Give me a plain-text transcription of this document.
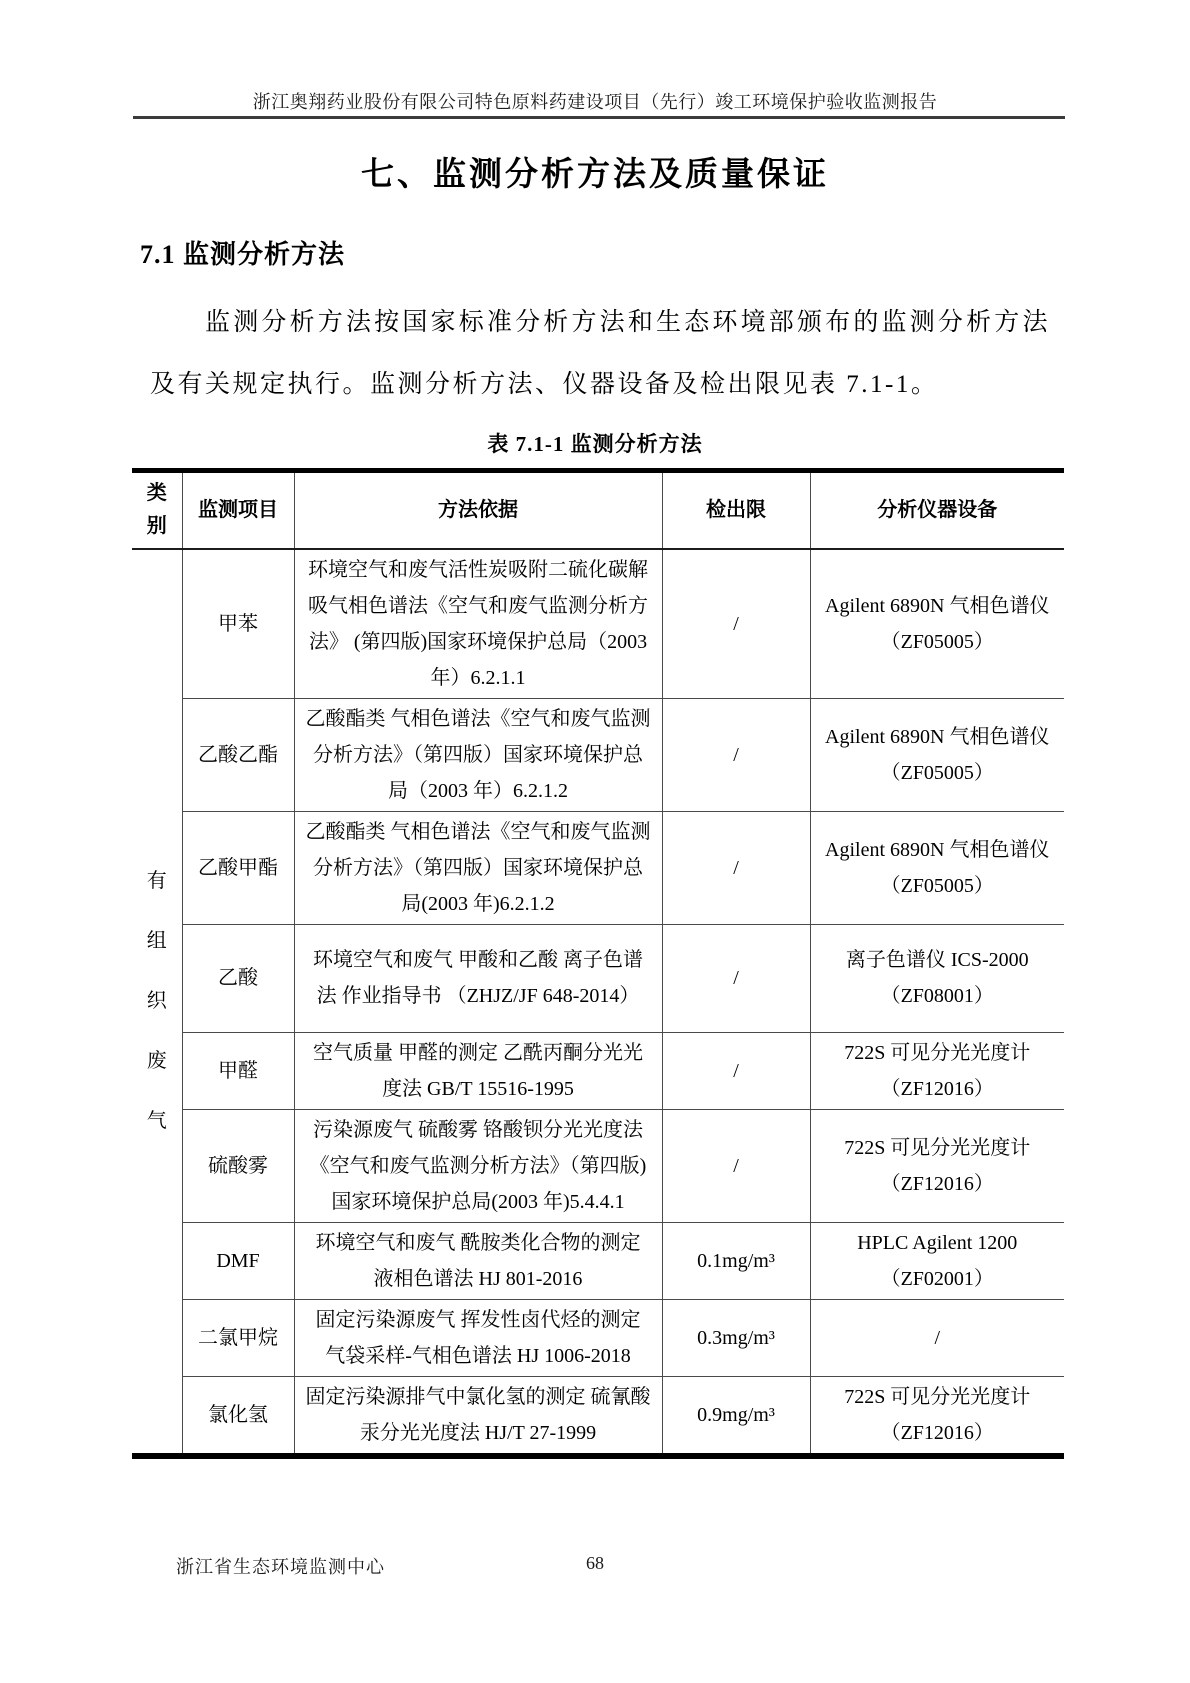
浙江奥翔药业股份有限公司特色原料药建设项目（先行）竣工环境保护验收监测报告
七、监测分析方法及质量保证
7.1 监测分析方法
监测分析方法按国家标准分析方法和生态环境部颁布的监测分析方法及有关规定执行。监测分析方法、仪器设备及检出限见表 7.1-1。
表 7.1-1 监测分析方法
类别	监测项目	方法依据	检出限	分析仪器设备

有组织废气	甲苯	环境空气和废气活性炭吸附二硫化碳解吸气相色谱法《空气和废气监测分析方法》 (第四版)国家环境保护总局（2003 年）6.2.1.1	/	Agilent 6890N 气相色谱仪（ZF05005）
	乙酸乙酯	乙酸酯类 气相色谱法《空气和废气监测分析方法》（第四版）国家环境保护总局（2003 年）6.2.1.2	/	Agilent 6890N 气相色谱仪（ZF05005）
	乙酸甲酯	乙酸酯类 气相色谱法《空气和废气监测分析方法》（第四版）国家环境保护总局(2003 年)6.2.1.2	/	Agilent 6890N 气相色谱仪（ZF05005）
	乙酸	环境空气和废气 甲酸和乙酸 离子色谱法 作业指导书 （ZHJZ/JF 648-2014）	/	离子色谱仪 ICS-2000（ZF08001）
	甲醛	空气质量 甲醛的测定 乙酰丙酮分光光度法 GB/T 15516-1995	/	722S 可见分光光度计（ZF12016）
	硫酸雾	污染源废气 硫酸雾 铬酸钡分光光度法《空气和废气监测分析方法》（第四版)国家环境保护总局(2003 年)5.4.4.1	/	722S 可见分光光度计（ZF12016）
	DMF	环境空气和废气 酰胺类化合物的测定 液相色谱法 HJ 801-2016	0.1mg/m³	HPLC Agilent 1200（ZF02001）
	二氯甲烷	固定污染源废气 挥发性卤代烃的测定 气袋采样-气相色谱法 HJ 1006-2018	0.3mg/m³	/
	氯化氢	固定污染源排气中氯化氢的测定 硫氰酸汞分光光度法 HJ/T 27-1999	0.9mg/m³	722S 可见分光光度计（ZF12016）
68
浙江省生态环境监测中心
